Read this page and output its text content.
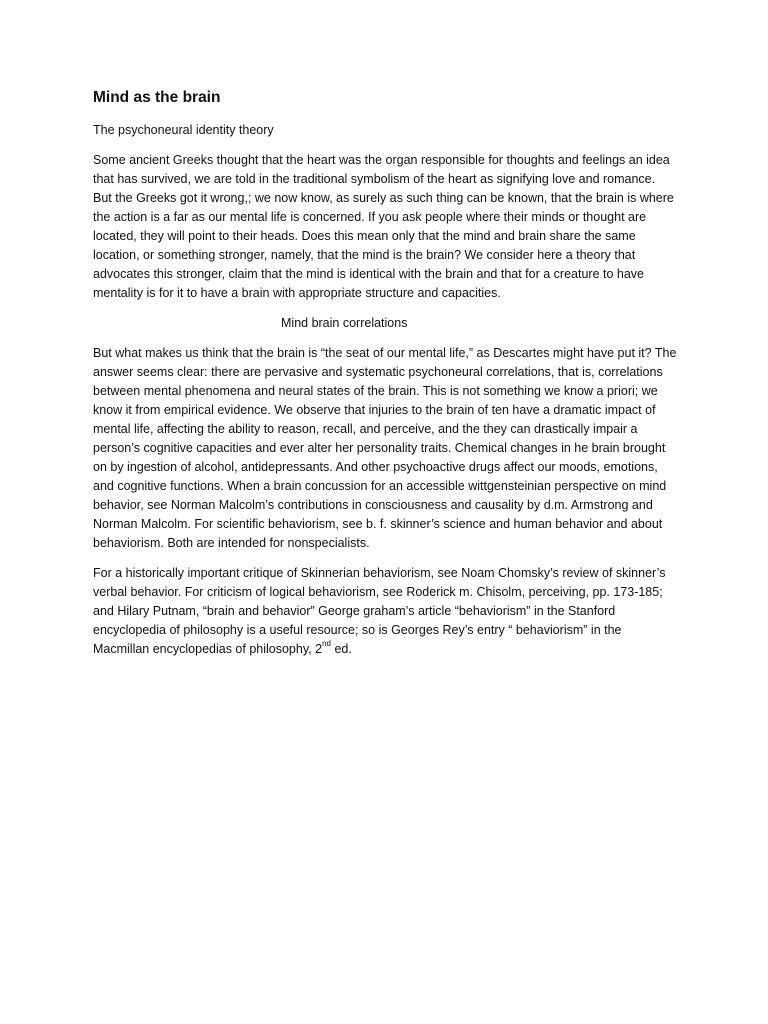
Mind as the brain

The psychoneural identity theory

Some ancient Greeks thought that the heart was the organ responsible for thoughts and feelings an idea that has survived, we are told in the traditional symbolism of the heart as signifying love and romance. But the Greeks got it wrong,; we now know, as surely as such thing can be known, that the brain is where the action is a far as our mental life is concerned. If you ask people where their minds or thought are located, they will point to their heads. Does this mean only that the mind and brain share the same location, or something stronger, namely, that the mind is the brain? We consider here a theory that advocates this stronger, claim that the mind is identical with the brain and that for a creature to have mentality is for it to have a brain with appropriate structure and capacities.

Mind brain correlations

But what makes us think that the brain is “the seat of our mental life,” as Descartes might have put it? The answer seems clear: there are pervasive and systematic psychoneural correlations, that is, correlations between mental phenomena and neural states of the brain. This is not something we know a priori; we know it from empirical evidence. We observe that injuries to the brain of ten have a dramatic impact of mental life, affecting the ability to reason, recall, and perceive, and the they can drastically impair a person’s cognitive capacities and ever alter her personality traits. Chemical changes in he brain brought on by ingestion of alcohol, antidepressants. And other psychoactive drugs affect our moods, emotions, and cognitive functions. When a brain concussion for an accessible wittgensteinian perspective on mind behavior, see Norman Malcolm’s contributions in consciousness and causality by d.m. Armstrong and Norman Malcolm. For scientific behaviorism, see b. f. skinner’s science and human behavior and about behaviorism. Both are intended for nonspecialists.

For a historically important critique of Skinnerian behaviorism, see Noam Chomsky’s review of skinner’s verbal behavior. For criticism of logical behaviorism, see Roderick m. Chisolm, perceiving, pp. 173-185; and Hilary Putnam, “brain and behavior” George graham’s article “behaviorism” in the Stanford encyclopedia of philosophy is a useful resource; so is Georges Rey’s entry “ behaviorism” in the Macmillan encyclopedias of philosophy, 2nd ed.
